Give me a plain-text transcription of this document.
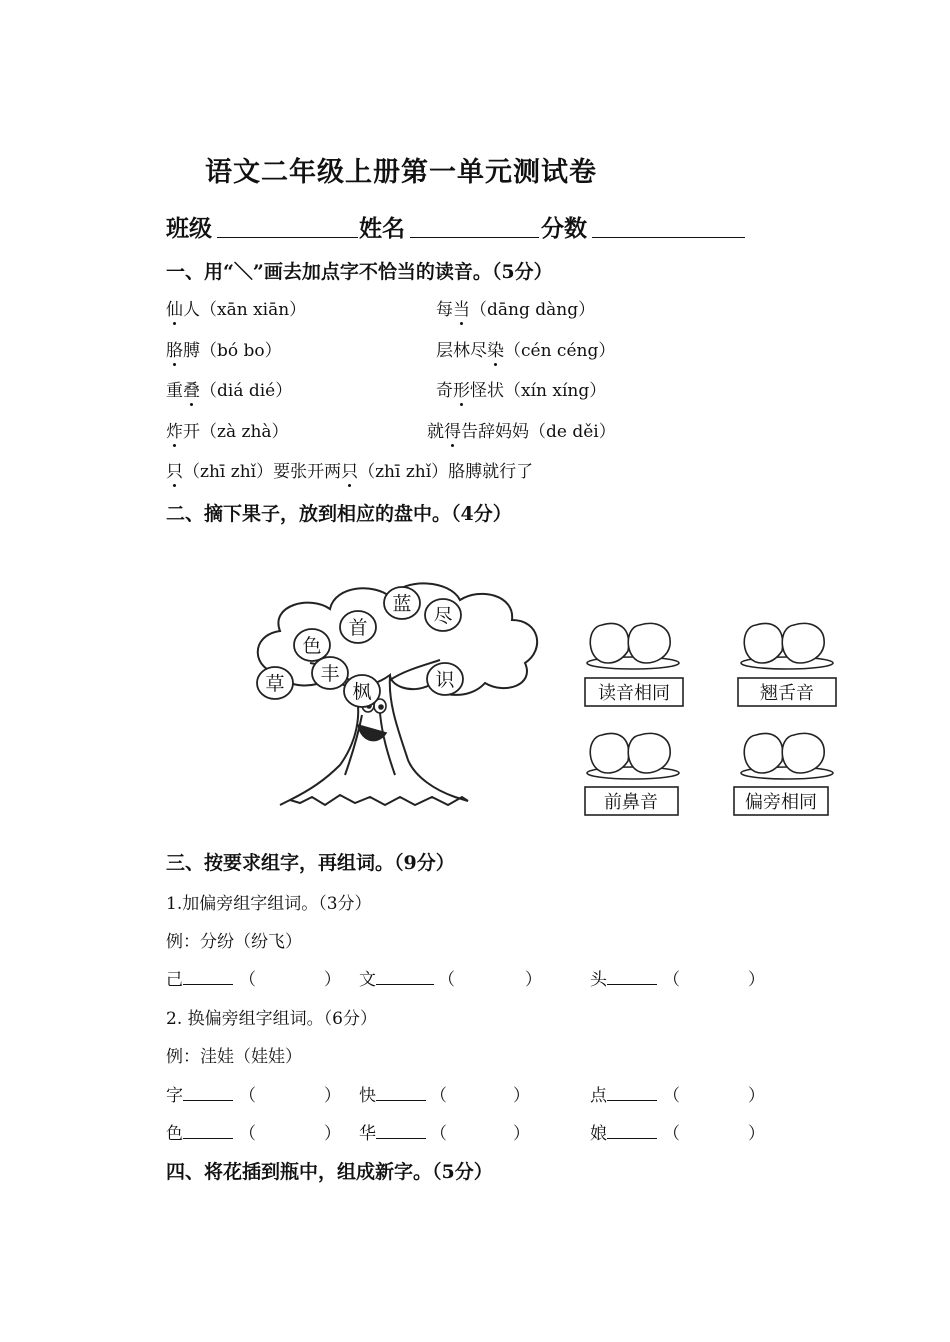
语文二年级上册第一单元测试卷
班级	姓名	分数
一、用“＼”画去加点字不恰当的读音。（5分）
仙人（xān xiān）	每当（dāng dàng）
胳膊（bó bo）	层林尽染（cén céng）
重叠（diá dié）	奇形怪状（xín xíng）
炸开（zà zhà）	就得告辞妈妈（de děi）
只（zhī zhǐ）要张开两只（zhī zhǐ）胳膊就行了
二、摘下果子，放到相应的盘中。（4分）
草
色
首
蓝
尽
丰
枫
识
读音相同	翘舌音
前鼻音	偏旁相同
三、按要求组字，再组词。（9分）
1.加偏旁组字组词。（3分）
例：分纷（纷飞）
己	（	） 文	（	）	头	（	）
2. 换偏旁组字组词。（6分）
例：洼娃（娃娃）
字	（	） 快	（	）	点	（	）
色	（	） 华	（	）	娘	（	）
四、将花插到瓶中，组成新字。（5分）
